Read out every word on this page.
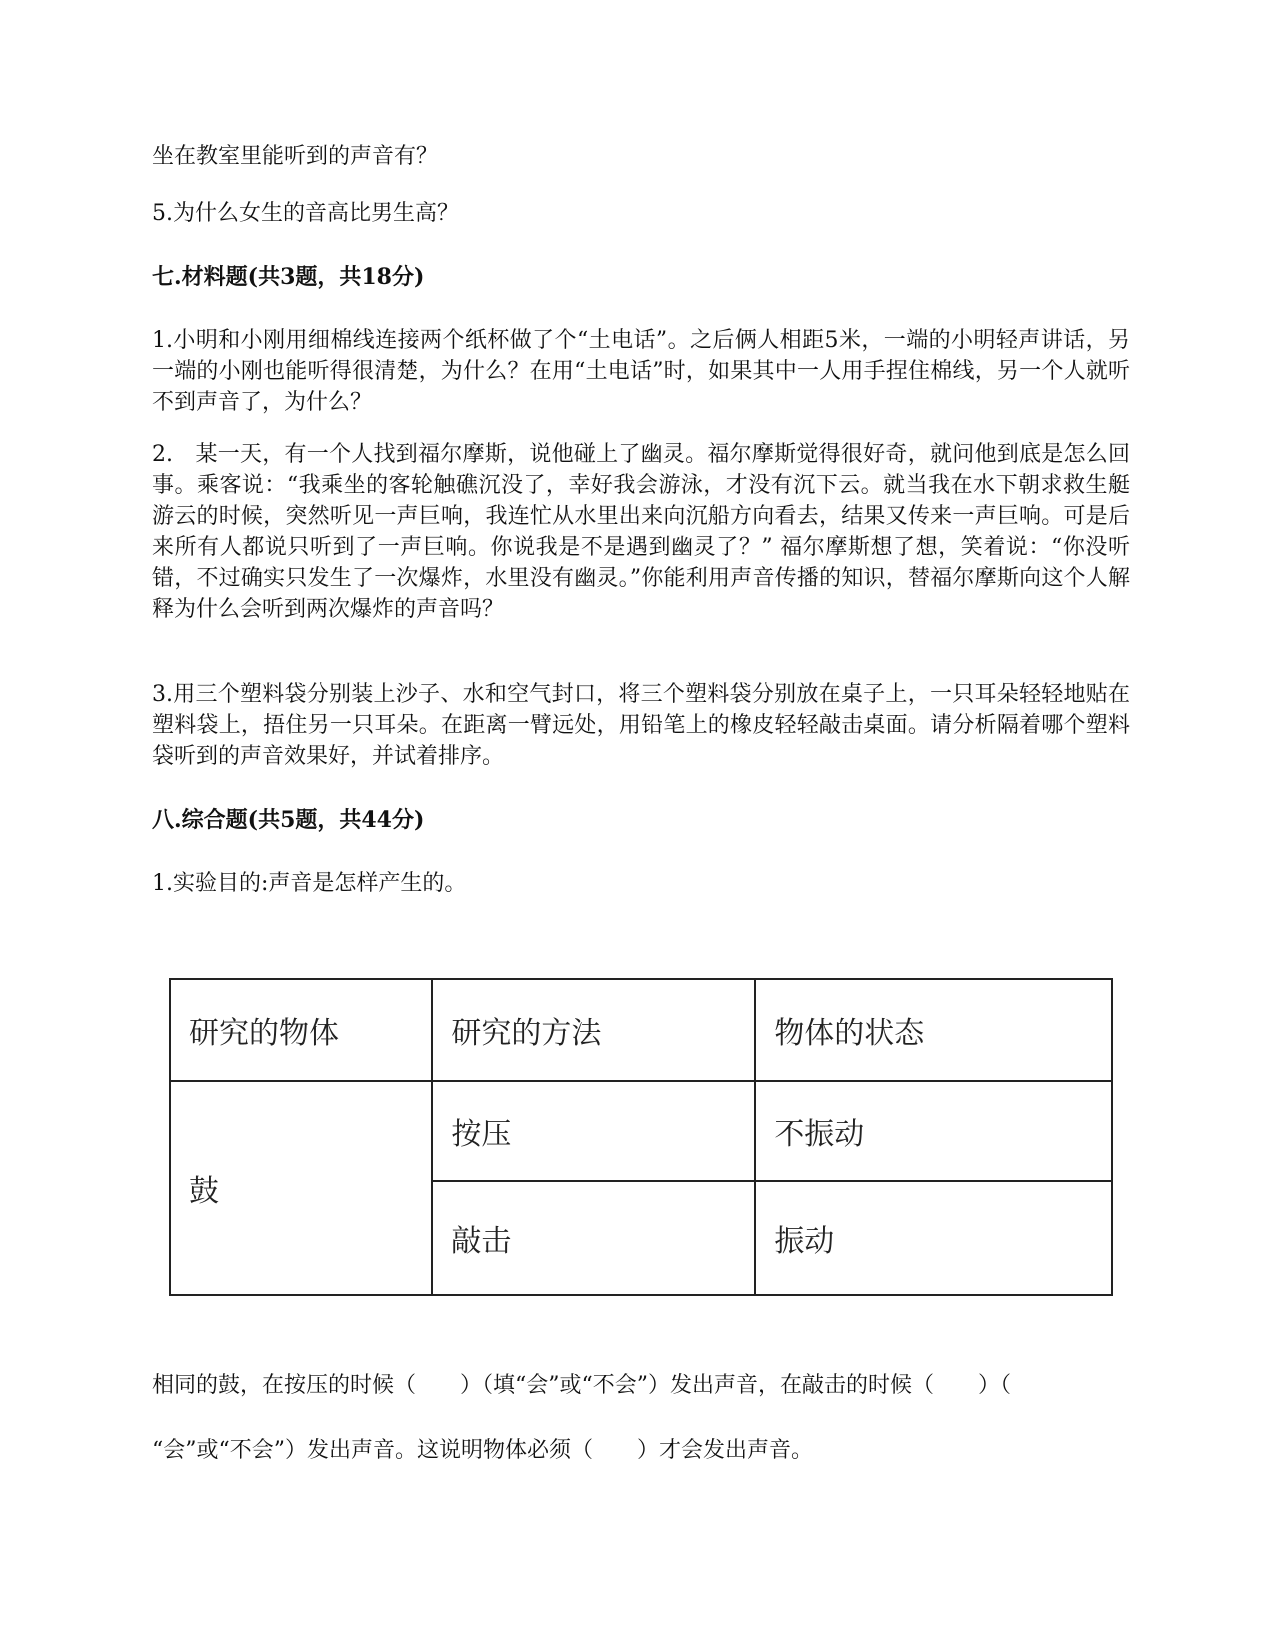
坐在教室里能听到的声音有？

5.为什么女生的音高比男生高？

七.材料题(共3题，共18分)

1.小明和小刚用细棉线连接两个纸杯做了个“土电话”。之后俩人相距5米，一端的小明轻声讲话，另一端的小刚也能听得很清楚，为什么？在用“土电话”时，如果其中一人用手捏住棉线，另一个人就听不到声音了，为什么？

2.　某一天，有一个人找到福尔摩斯，说他碰上了幽灵。福尔摩斯觉得很好奇，就问他到底是怎么回事。乘客说：“我乘坐的客轮触礁沉没了，幸好我会游泳，才没有沉下云。就当我在水下朝求救生艇游云的时候，突然听见一声巨响，我连忙从水里出来向沉船方向看去，结果又传来一声巨响。可是后来所有人都说只听到了一声巨响。你说我是不是遇到幽灵了？” 福尔摩斯想了想，笑着说：“你没听错，不过确实只发生了一次爆炸，水里没有幽灵。”你能利用声音传播的知识，替福尔摩斯向这个人解释为什么会听到两次爆炸的声音吗？

3.用三个塑料袋分别装上沙子、水和空气封口，将三个塑料袋分别放在桌子上，一只耳朵轻轻地贴在塑料袋上，捂住另一只耳朵。在距离一臂远处，用铅笔上的橡皮轻轻敲击桌面。请分析隔着哪个塑料袋听到的声音效果好，并试着排序。

八.综合题(共5题，共44分)

1.实验目的:声音是怎样产生的。

研究的物体	研究的方法	物体的状态
鼓	按压	不振动
	敲击	振动

相同的鼓，在按压的时候（　　）（填“会”或“不会”）发出声音，在敲击的时候（　　）（

“会”或“不会”）发出声音。这说明物体必须（　　）才会发出声音。
